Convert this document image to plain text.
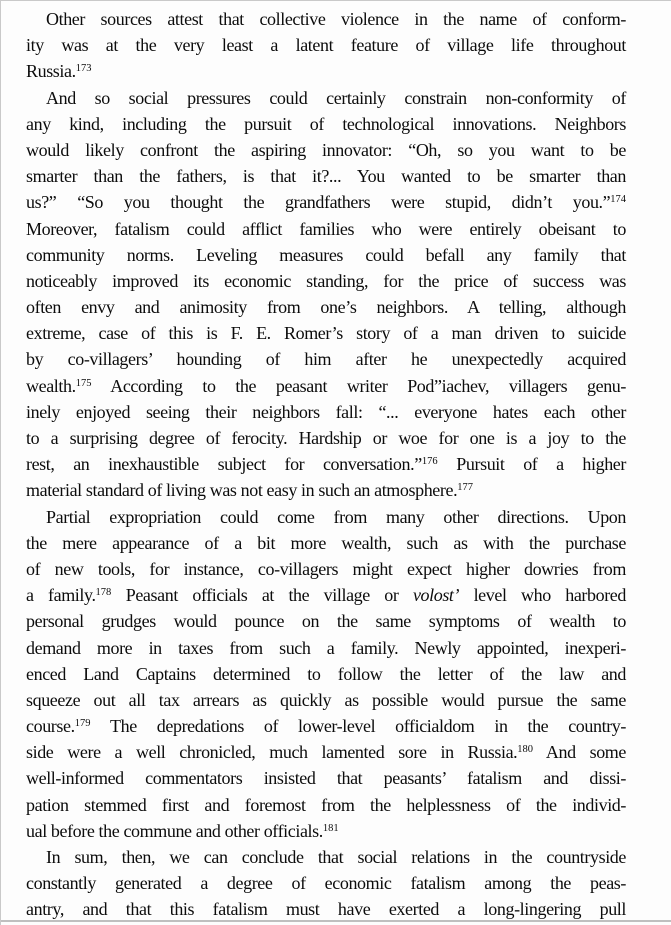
Other sources attest that collective violence in the name of conform-
ity was at the very least a latent feature of village life throughout
Russia.$^{173}$
And so social pressures could certainly constrain non-conformity of
any kind, including the pursuit of technological innovations. Neighbors
would likely confront the aspiring innovator: “Oh, so you want to be
smarter than the fathers, is that it?... You wanted to be smarter than
us?” “So you thought the grandfathers were stupid, didn’t you.”$^{174}$
Moreover, fatalism could afflict families who were entirely obeisant to
community norms. Leveling measures could befall any family that
noticeably improved its economic standing, for the price of success was
often envy and animosity from one’s neighbors. A telling, although
extreme, case of this is F. E. Romer’s story of a man driven to suicide
by co-villagers’ hounding of him after he unexpectedly acquired
wealth.$^{175}$ According to the peasant writer Pod”iachev, villagers genu-
inely enjoyed seeing their neighbors fall: “... everyone hates each other
to a surprising degree of ferocity. Hardship or woe for one is a joy to the
rest, an inexhaustible subject for conversation.”$^{176}$ Pursuit of a higher
material standard of living was not easy in such an atmosphere.$^{177}$
Partial expropriation could come from many other directions. Upon
the mere appearance of a bit more wealth, such as with the purchase
of new tools, for instance, co-villagers might expect higher dowries from
a family.$^{178}$ Peasant officials at the village or volost’ level who harbored
personal grudges would pounce on the same symptoms of wealth to
demand more in taxes from such a family. Newly appointed, inexperi-
enced Land Captains determined to follow the letter of the law and
squeeze out all tax arrears as quickly as possible would pursue the same
course.$^{179}$ The depredations of lower-level officialdom in the country-
side were a well chronicled, much lamented sore in Russia.$^{180}$ And some
well-informed commentators insisted that peasants’ fatalism and dissi-
pation stemmed first and foremost from the helplessness of the individ-
ual before the commune and other officials.$^{181}$
In sum, then, we can conclude that social relations in the countryside
constantly generated a degree of economic fatalism among the peas-
antry, and that this fatalism must have exerted a long-lingering pull
